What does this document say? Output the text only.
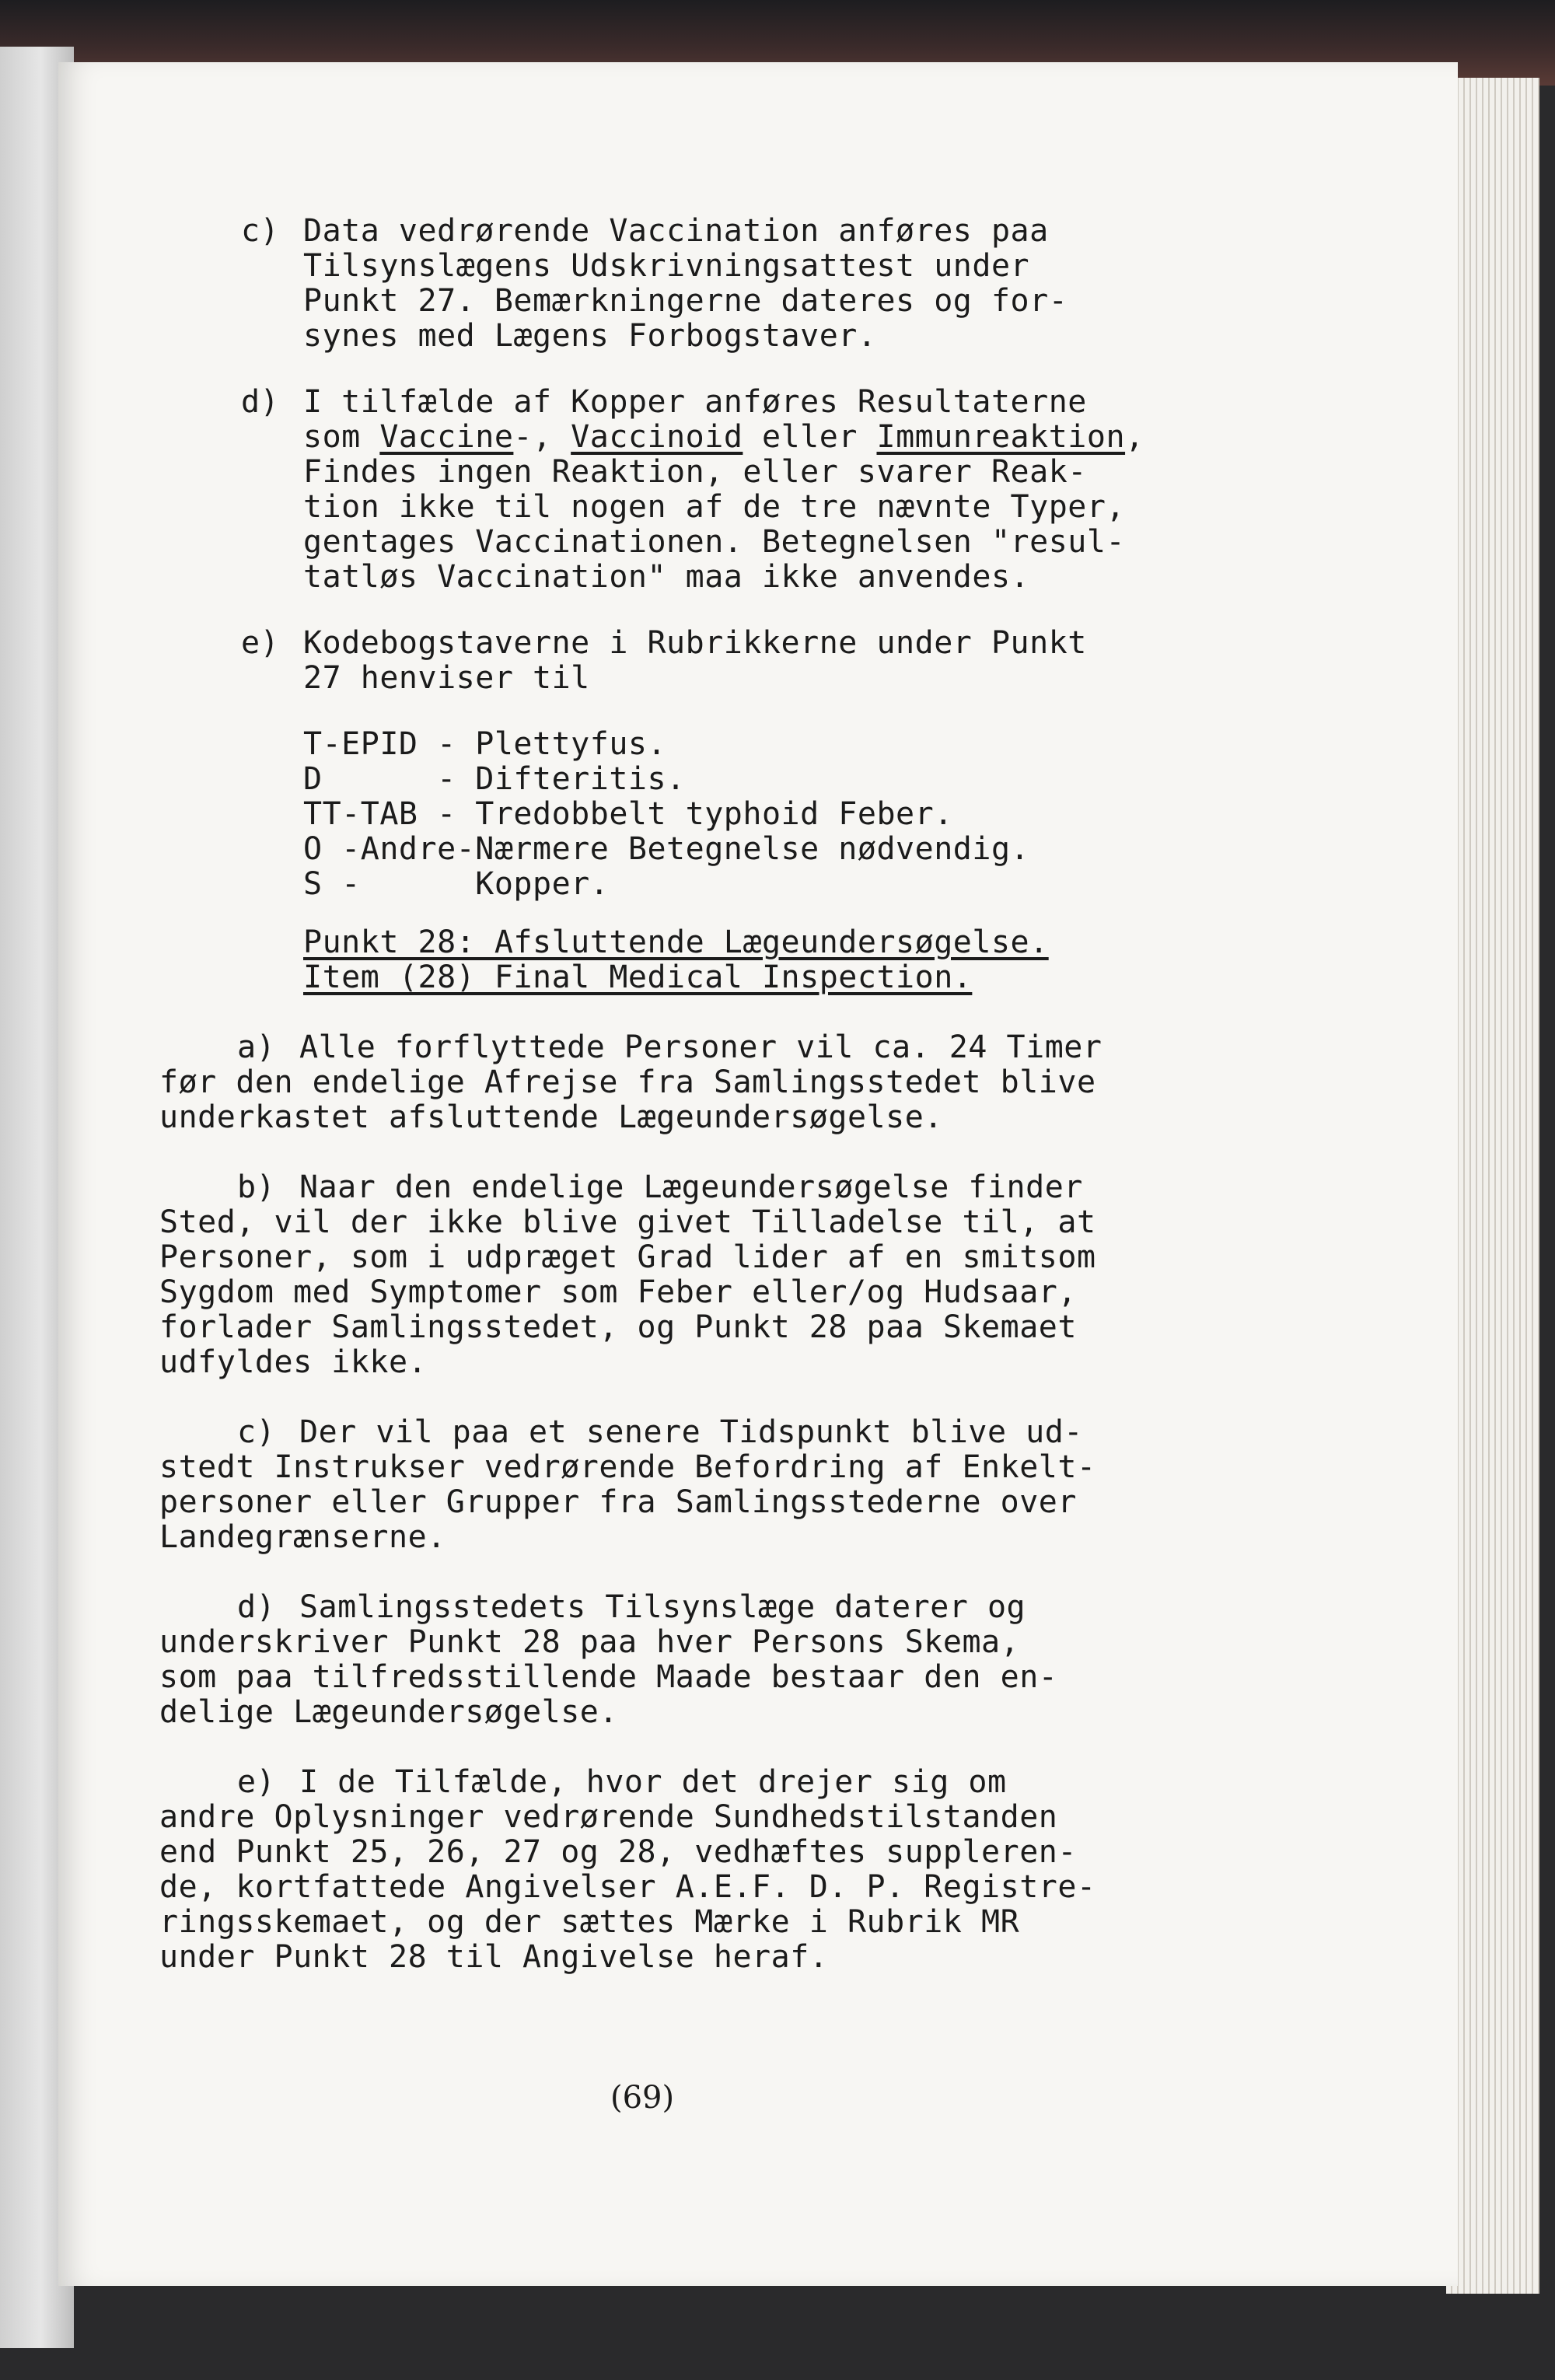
c) Data vedrørende Vaccination anføres paa
Tilsynslægens Udskrivningsattest under
Punkt 27. Bemærkningerne dateres og for-
synes med Lægens Forbogstaver.
d) I tilfælde af Kopper anføres Resultaterne
som Vaccine-, Vaccinoid eller Immunreaktion,
Findes ingen Reaktion, eller svarer Reak-
tion ikke til nogen af de tre nævnte Typer,
gentages Vaccinationen. Betegnelsen "resul-
tatløs Vaccination" maa ikke anvendes.
e) Kodebogstaverne i Rubrikkerne under Punkt
27 henviser til
T-EPID - Plettyfus.
D      - Difteritis.
TT-TAB - Tredobbelt typhoid Feber.
O -Andre-Nærmere Betegnelse nødvendig.
S -      Kopper.
Punkt 28: Afsluttende Lægeundersøgelse.
Item (28) Final Medical Inspection.
a) Alle forflyttede Personer vil ca. 24 Timer
før den endelige Afrejse fra Samlingsstedet blive
underkastet afsluttende Lægeundersøgelse.
b) Naar den endelige Lægeundersøgelse finder
Sted, vil der ikke blive givet Tilladelse til, at
Personer, som i udpræget Grad lider af en smitsom
Sygdom med Symptomer som Feber eller/og Hudsaar,
forlader Samlingsstedet, og Punkt 28 paa Skemaet
udfyldes ikke.
c) Der vil paa et senere Tidspunkt blive ud-
stedt Instrukser vedrørende Befordring af Enkelt-
personer eller Grupper fra Samlingsstederne over
Landegrænserne.
d) Samlingsstedets Tilsynslæge daterer og
underskriver Punkt 28 paa hver Persons Skema,
som paa tilfredsstillende Maade bestaar den en-
delige Lægeundersøgelse.
e) I de Tilfælde, hvor det drejer sig om
andre Oplysninger vedrørende Sundhedstilstanden
end Punkt 25, 26, 27 og 28, vedhæftes suppleren-
de, kortfattede Angivelser A.E.F. D. P. Registre-
ringsskemaet, og der sættes Mærke i Rubrik MR
under Punkt 28 til Angivelse heraf.
(69)
